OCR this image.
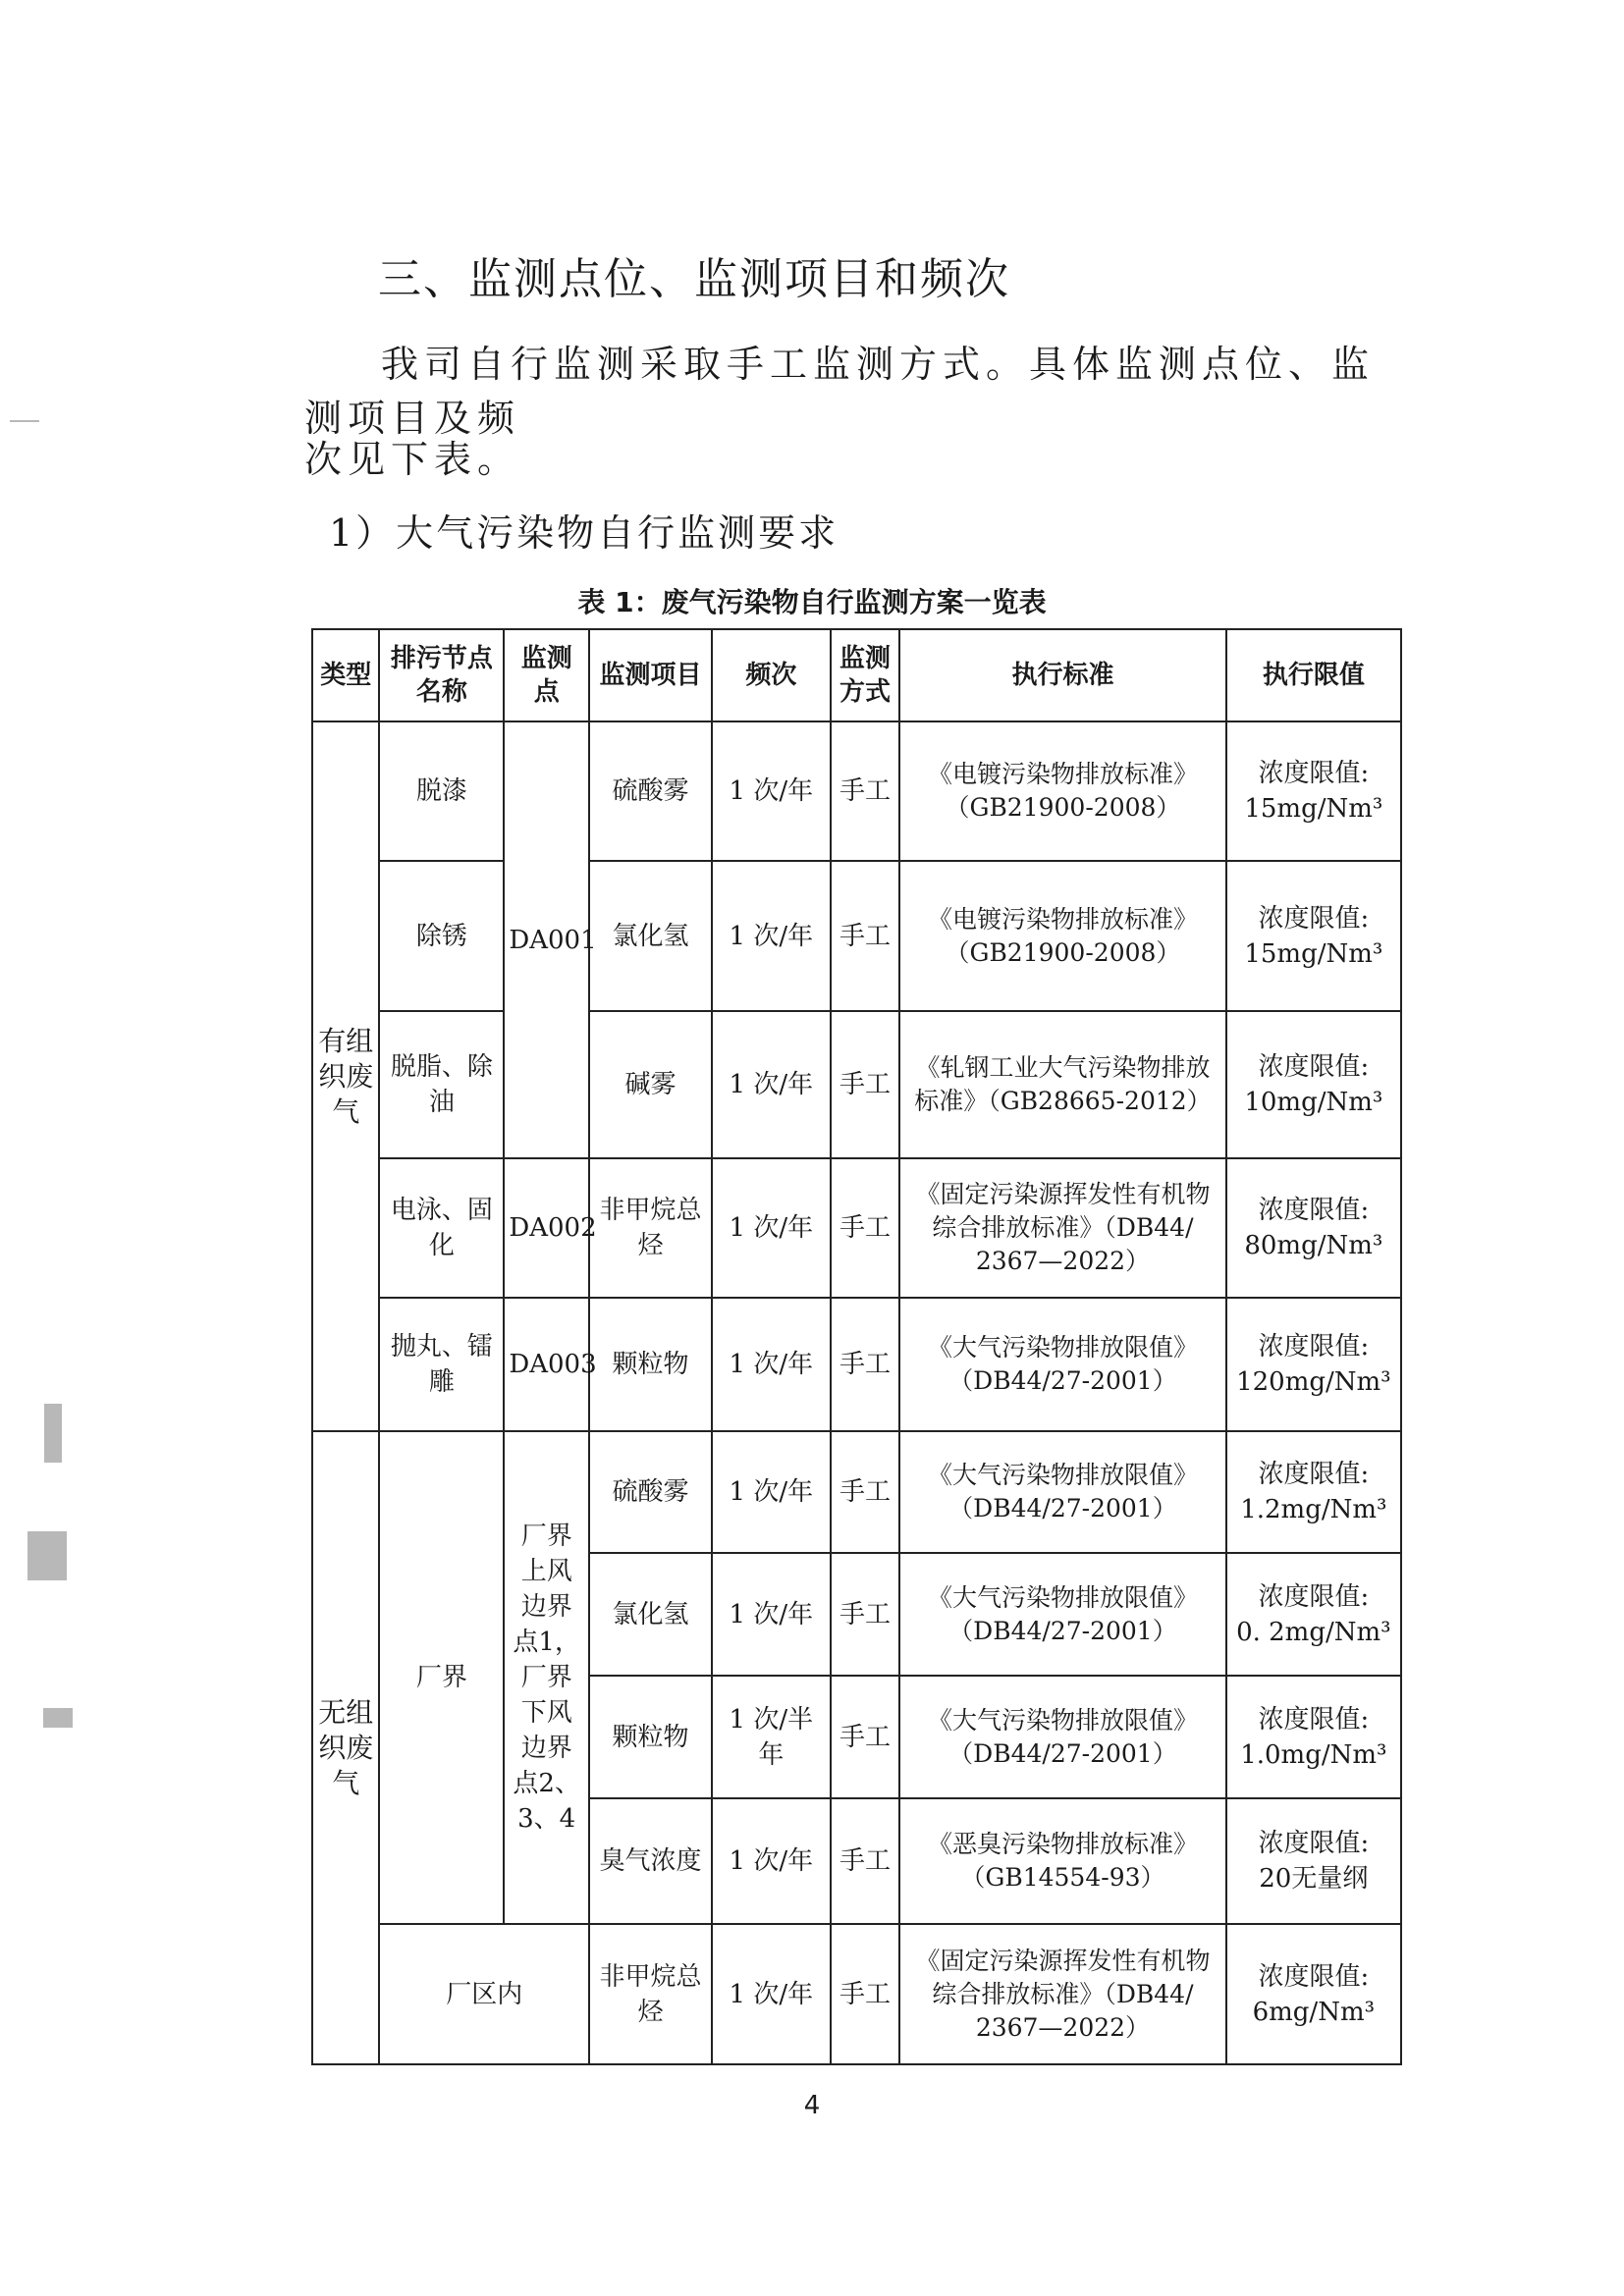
三、监测点位、监测项目和频次
我司自行监测采取手工监测方式。具体监测点位、监测项目及频
次见下表。
1）大气污染物自行监测要求
表 1：废气污染物自行监测方案一览表
类型	排污节点名称	监测点	监测项目	频次	监测方式	执行标准	执行限值
有组织废气	脱漆	DA001	硫酸雾	1 次/年	手工	《电镀污染物排放标准》（GB21900-2008）	浓度限值:
15mg/Nm³

	除锈		氯化氢	1 次/年	手工	《电镀污染物排放标准》（GB21900-2008）	浓度限值:
15mg/Nm³

	脱脂、除油		碱雾	1 次/年	手工	《轧钢工业大气污染物排放标准》（GB28665-2012）	浓度限值:
10mg/Nm³

	电泳、固化	DA002	非甲烷总烃	1 次/年	手工	《固定污染源挥发性有机物综合排放标准》（DB44/ 2367—2022）	浓度限值:
80mg/Nm³

	抛丸、镭雕	DA003	颗粒物	1 次/年	手工	《大气污染物排放限值》（DB44/27-2001）	浓度限值:
120mg/Nm³

无组织废气	厂界	厂界上风边界点1，厂界下风边界点2、3、4	硫酸雾	1 次/年	手工	《大气污染物排放限值》（DB44/27-2001）	浓度限值:
1.2mg/Nm³

			氯化氢	1 次/年	手工	《大气污染物排放限值》（DB44/27-2001）	浓度限值:
0. 2mg/Nm³

			颗粒物	1 次/半年	手工	《大气污染物排放限值》（DB44/27-2001）	浓度限值:
1.0mg/Nm³

			臭气浓度	1 次/年	手工	《恶臭污染物排放标准》（GB14554-93）	浓度限值:
20无量纲

	厂区内		非甲烷总烃	1 次/年	手工	《固定污染源挥发性有机物综合排放标准》（DB44/ 2367—2022）	浓度限值:
6mg/Nm³
4
